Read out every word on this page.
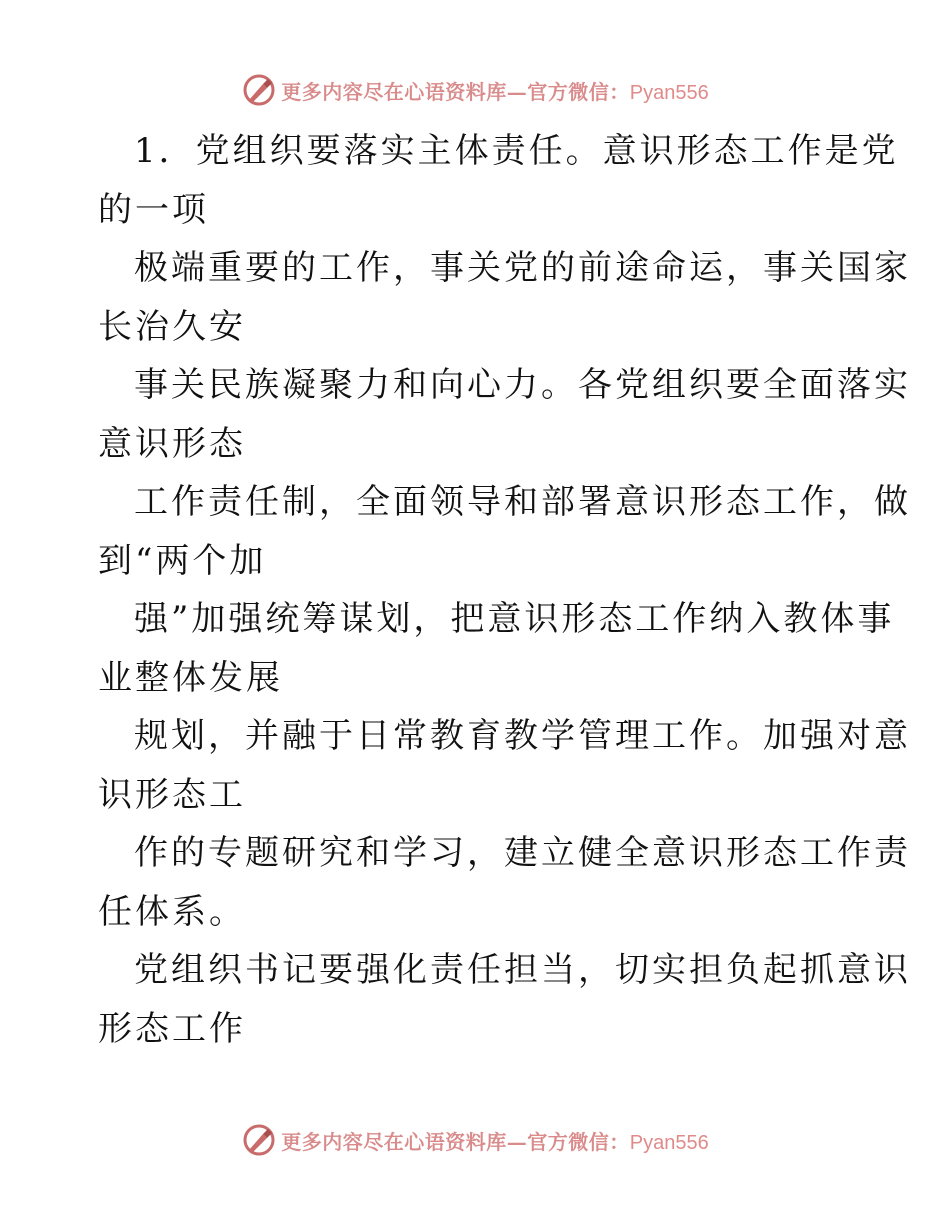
更多内容尽在心语资料库—官方微信：Pyan556
1．党组织要落实主体责任。意识形态工作是党
的一项
极端重要的工作，事关党的前途命运，事关国家
长治久安
事关民族凝聚力和向心力。各党组织要全面落实
意识形态
工作责任制，全面领导和部署意识形态工作，做
到“两个加
强”加强统筹谋划，把意识形态工作纳入教体事
业整体发展
规划，并融于日常教育教学管理工作。加强对意
识形态工
作的专题研究和学习，建立健全意识形态工作责
任体系。
党组织书记要强化责任担当，切实担负起抓意识
形态工作
更多内容尽在心语资料库—官方微信：Pyan556
